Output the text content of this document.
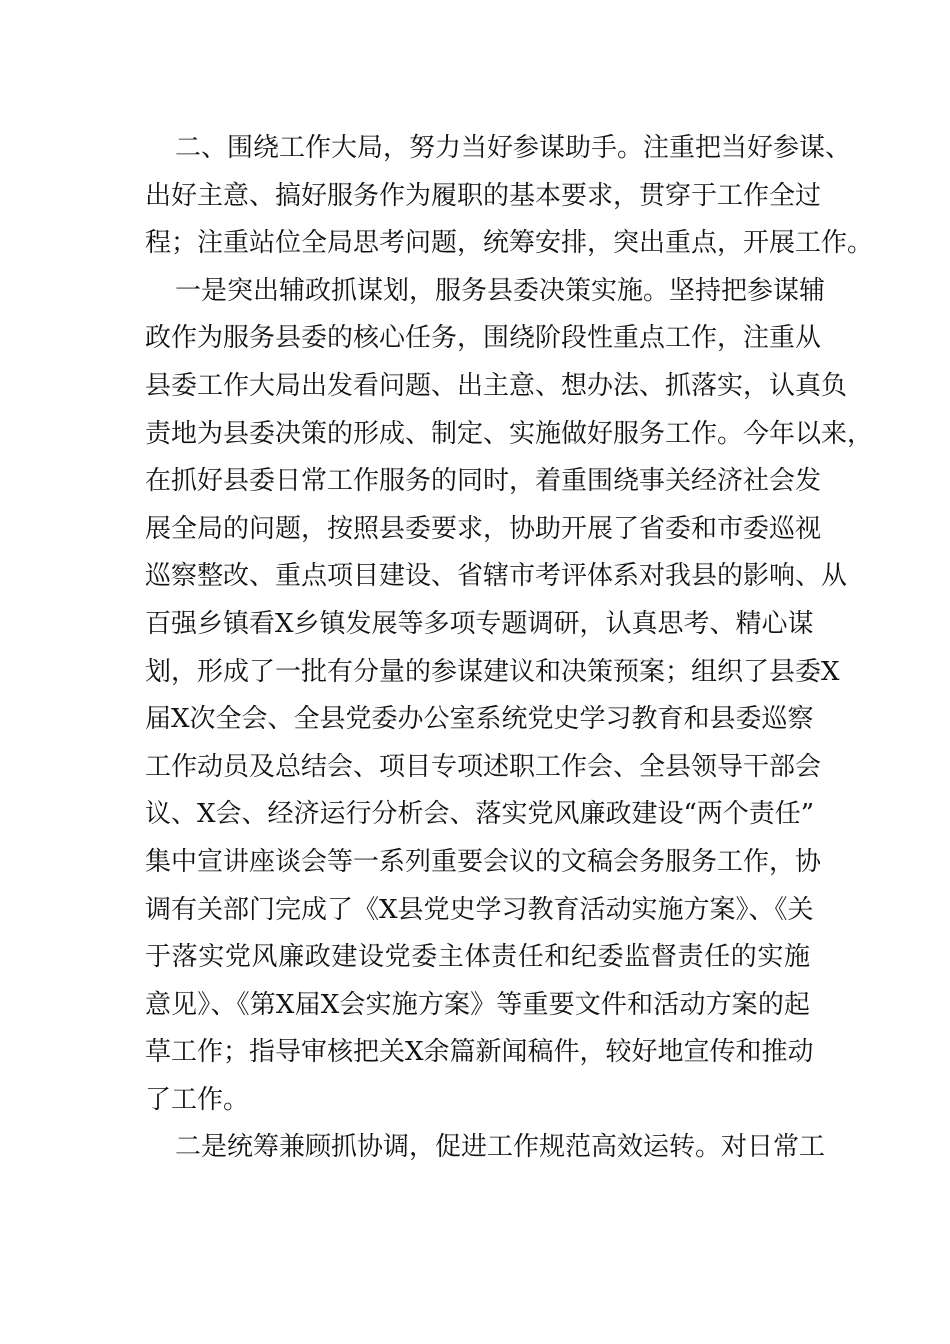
二、围绕工作大局，努力当好参谋助手。注重把当好参谋、
出好主意、搞好服务作为履职的基本要求，贯穿于工作全过
程；注重站位全局思考问题，统筹安排，突出重点，开展工作。
一是突出辅政抓谋划，服务县委决策实施。坚持把参谋辅
政作为服务县委的核心任务，围绕阶段性重点工作，注重从
县委工作大局出发看问题、出主意、想办法、抓落实，认真负
责地为县委决策的形成、制定、实施做好服务工作。今年以来，
在抓好县委日常工作服务的同时，着重围绕事关经济社会发
展全局的问题，按照县委要求，协助开展了省委和市委巡视
巡察整改、重点项目建设、省辖市考评体系对我县的影响、从
百强乡镇看X乡镇发展等多项专题调研，认真思考、精心谋
划，形成了一批有分量的参谋建议和决策预案；组织了县委X
届X次全会、全县党委办公室系统党史学习教育和县委巡察
工作动员及总结会、项目专项述职工作会、全县领导干部会
议、X会、经济运行分析会、落实党风廉政建设“两个责任”
集中宣讲座谈会等一系列重要会议的文稿会务服务工作，协
调有关部门完成了《X县党史学习教育活动实施方案》、《关
于落实党风廉政建设党委主体责任和纪委监督责任的实施
意见》、《第X届X会实施方案》等重要文件和活动方案的起
草工作；指导审核把关X余篇新闻稿件，较好地宣传和推动
了工作。
二是统筹兼顾抓协调，促进工作规范高效运转。对日常工
